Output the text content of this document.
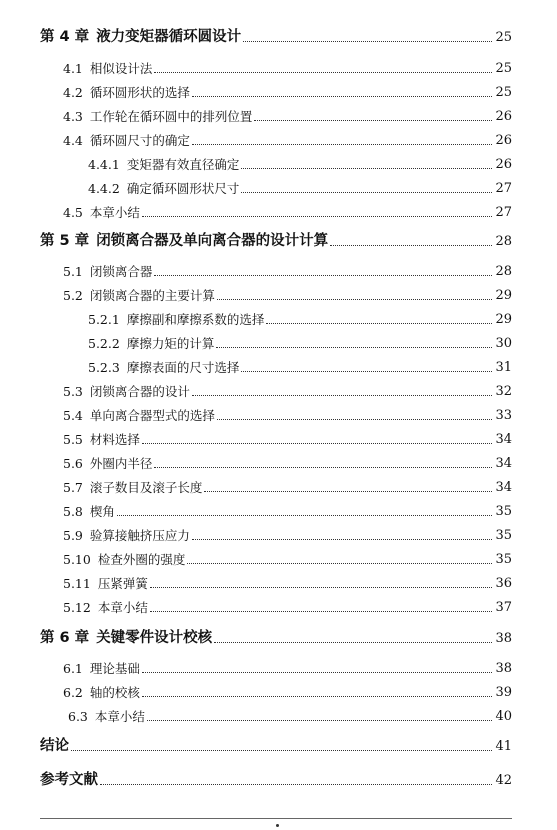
第 4 章 液力变矩器循环圆设计	25
4.1 相似设计法	25
4.2 循环圆形状的选择	25
4.3 工作轮在循环圆中的排列位置	26
4.4 循环圆尺寸的确定	26
4.4.1 变矩器有效直径确定	26
4.4.2 确定循环圆形状尺寸	27
4.5 本章小结	27
第 5 章 闭锁离合器及单向离合器的设计计算	28
5.1 闭锁离合器	28
5.2 闭锁离合器的主要计算	29
5.2.1 摩擦副和摩擦系数的选择	29
5.2.2 摩擦力矩的计算	30
5.2.3 摩擦表面的尺寸选择	31
5.3 闭锁离合器的设计	32
5.4 单向离合器型式的选择	33
5.5 材料选择	34
5.6 外圈内半径	34
5.7 滚子数目及滚子长度	34
5.8 楔角	35
5.9 验算接触挤压应力	35
5.10 检查外圈的强度	35
5.11 压紧弹簧	36
5.12 本章小结	37
第 6 章 关键零件设计校核	38
6.1 理论基础	38
6.2 轴的校核	39
6.3 本章小结	40
结论	41
参考文献	42
